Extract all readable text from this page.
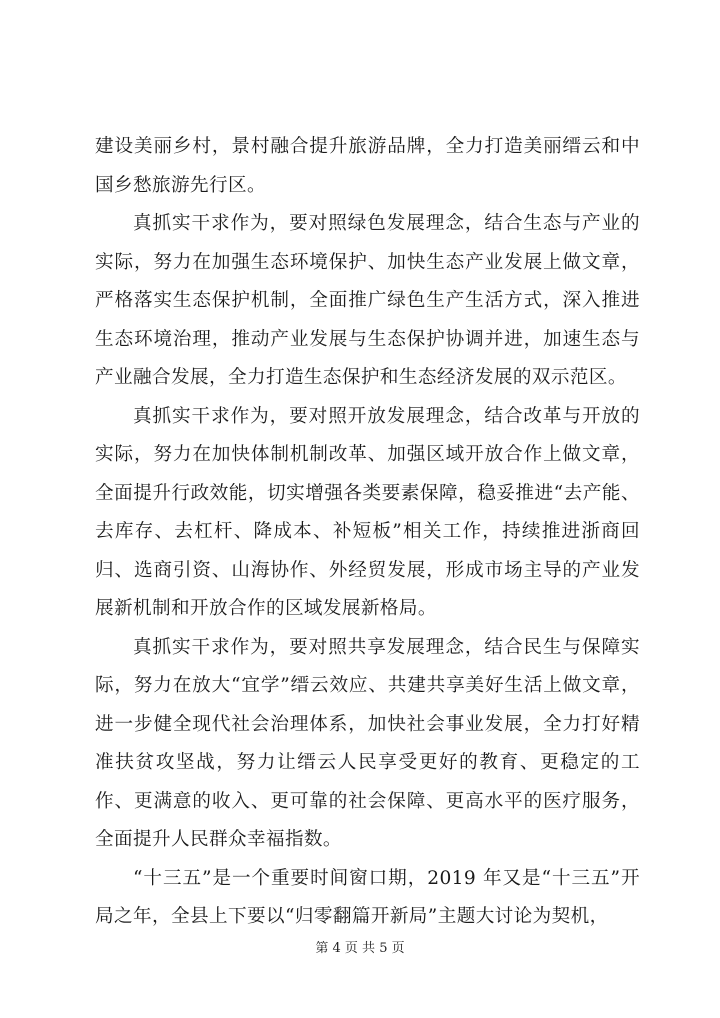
建设美丽乡村，景村融合提升旅游品牌，全力打造美丽缙云和中国乡愁旅游先行区。

真抓实干求作为，要对照绿色发展理念，结合生态与产业的实际，努力在加强生态环境保护、加快生态产业发展上做文章，严格落实生态保护机制，全面推广绿色生产生活方式，深入推进生态环境治理，推动产业发展与生态保护协调并进，加速生态与产业融合发展，全力打造生态保护和生态经济发展的双示范区。

真抓实干求作为，要对照开放发展理念，结合改革与开放的实际，努力在加快体制机制改革、加强区域开放合作上做文章，全面提升行政效能，切实增强各类要素保障，稳妥推进“去产能、去库存、去杠杆、降成本、补短板”相关工作，持续推进浙商回归、选商引资、山海协作、外经贸发展，形成市场主导的产业发展新机制和开放合作的区域发展新格局。

真抓实干求作为，要对照共享发展理念，结合民生与保障实际，努力在放大“宜学”缙云效应、共建共享美好生活上做文章，进一步健全现代社会治理体系，加快社会事业发展，全力打好精准扶贫攻坚战，努力让缙云人民享受更好的教育、更稳定的工作、更满意的收入、更可靠的社会保障、更高水平的医疗服务，全面提升人民群众幸福指数。

“十三五”是一个重要时间窗口期，2019 年又是“十三五”开局之年，全县上下要以“归零翻篇开新局”主题大讨论为契机，

第 4 页 共 5 页
